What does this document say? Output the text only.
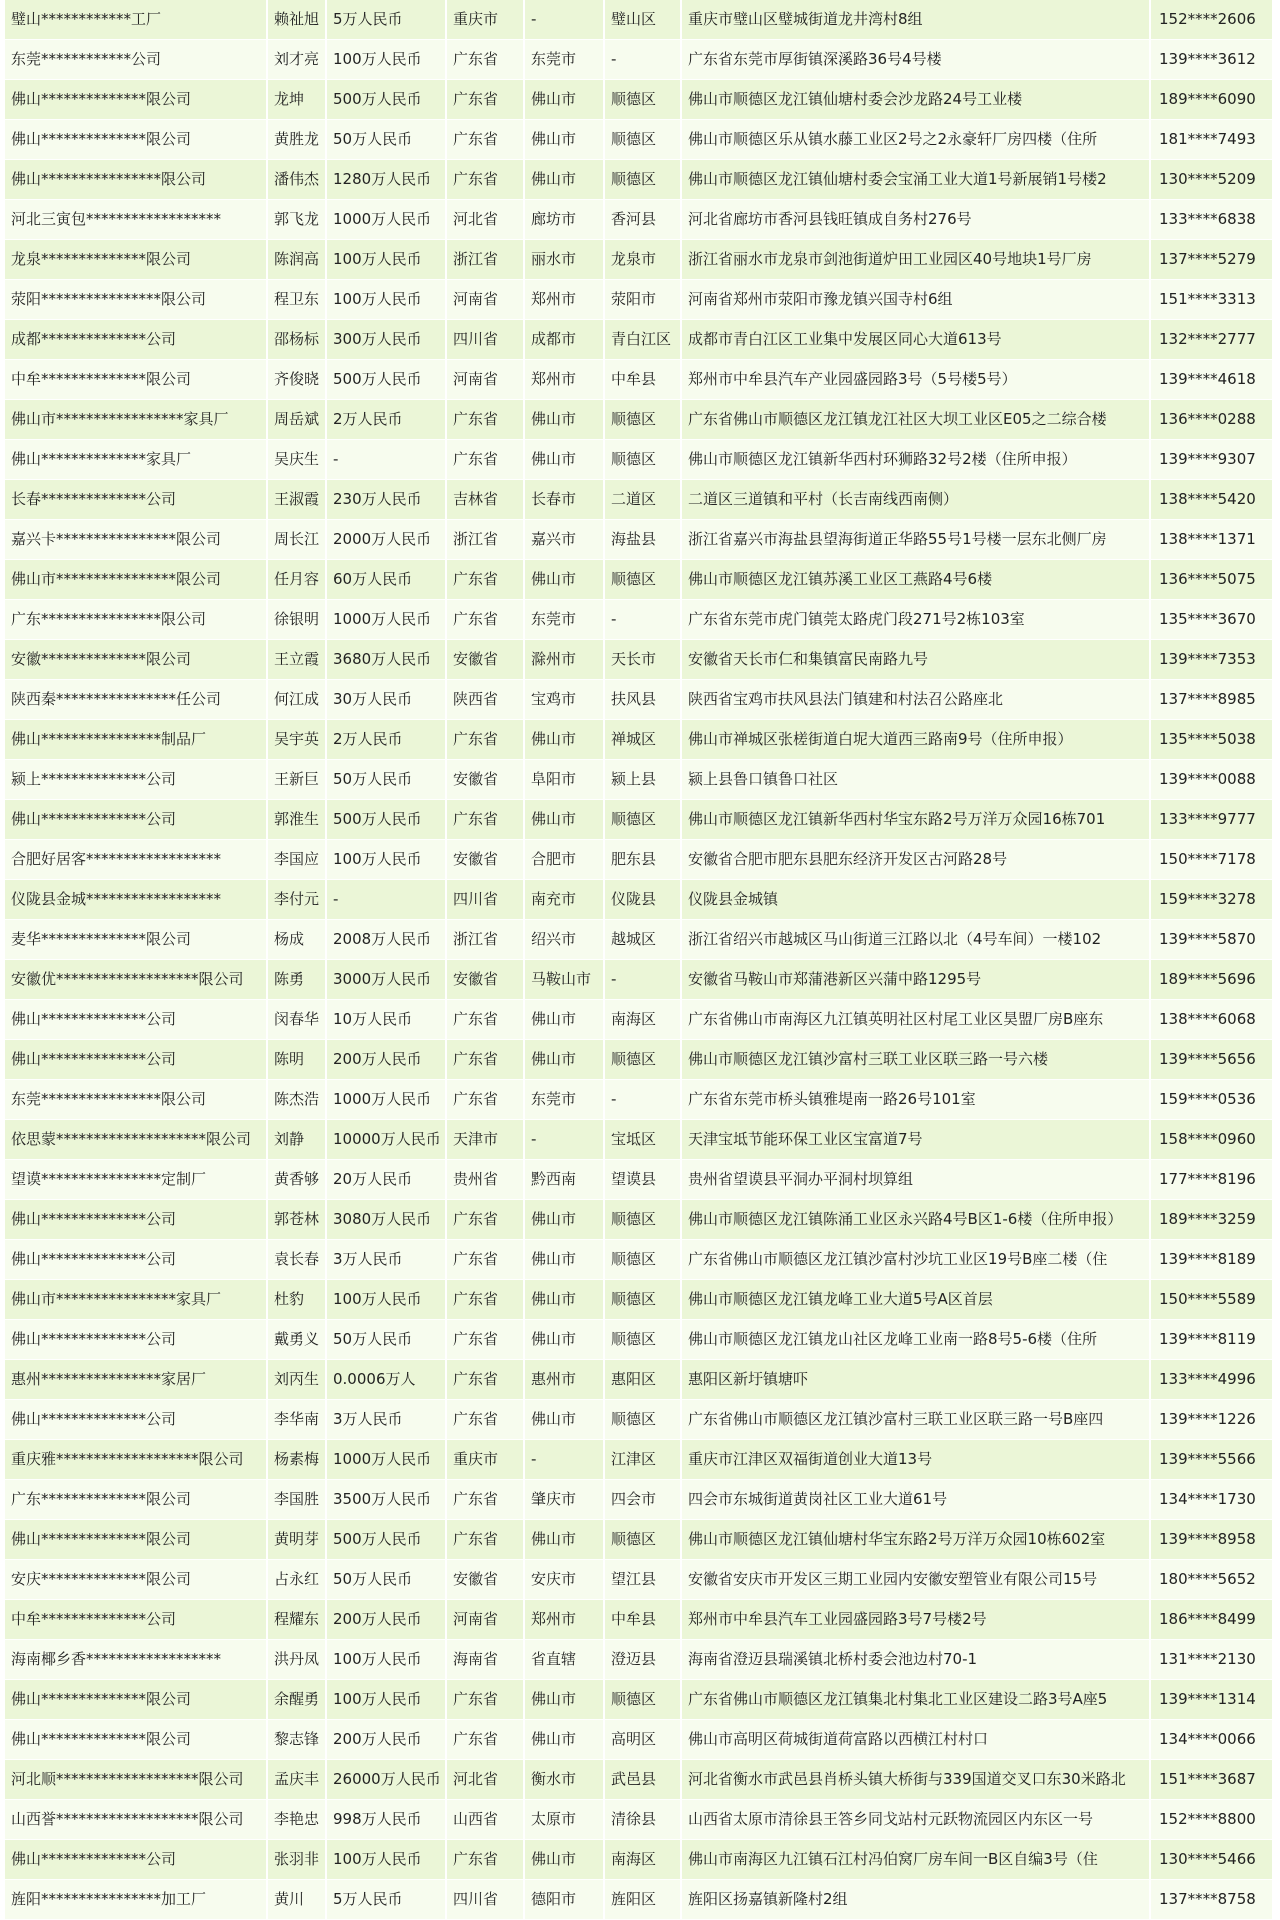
璧山************工厂	赖祉旭	5万人民币	重庆市	-	璧山区	重庆市璧山区璧城街道龙井湾村8组	152****2606
东莞************公司	刘才亮	100万人民币	广东省	东莞市	-	广东省东莞市厚街镇深溪路36号4号楼	139****3612
佛山**************限公司	龙坤	500万人民币	广东省	佛山市	顺德区	佛山市顺德区龙江镇仙塘村委会沙龙路24号工业楼	189****6090
佛山**************限公司	黄胜龙	50万人民币	广东省	佛山市	顺德区	佛山市顺德区乐从镇水藤工业区2号之2永豪轩厂房四楼（住所	181****7493
佛山****************限公司	潘伟杰	1280万人民币	广东省	佛山市	顺德区	佛山市顺德区龙江镇仙塘村委会宝涌工业大道1号新展销1号楼2	130****5209
河北三寅包******************	郭飞龙	1000万人民币	河北省	廊坊市	香河县	河北省廊坊市香河县钱旺镇成自务村276号	133****6838
龙泉**************限公司	陈润高	100万人民币	浙江省	丽水市	龙泉市	浙江省丽水市龙泉市剑池街道炉田工业园区40号地块1号厂房	137****5279
荥阳****************限公司	程卫东	100万人民币	河南省	郑州市	荥阳市	河南省郑州市荥阳市豫龙镇兴国寺村6组	151****3313
成都**************公司	邵杨标	300万人民币	四川省	成都市	青白江区	成都市青白江区工业集中发展区同心大道613号	132****2777
中牟**************限公司	齐俊晓	500万人民币	河南省	郑州市	中牟县	郑州市中牟县汽车产业园盛园路3号（5号楼5号）	139****4618
佛山市*****************家具厂	周岳斌	2万人民币	广东省	佛山市	顺德区	广东省佛山市顺德区龙江镇龙江社区大坝工业区E05之二综合楼	136****0288
佛山**************家具厂	吴庆生	-	广东省	佛山市	顺德区	佛山市顺德区龙江镇新华西村环狮路32号2楼（住所申报）	139****9307
长春**************公司	王淑霞	230万人民币	吉林省	长春市	二道区	二道区三道镇和平村（长吉南线西南侧）	138****5420
嘉兴卡****************限公司	周长江	2000万人民币	浙江省	嘉兴市	海盐县	浙江省嘉兴市海盐县望海街道正华路55号1号楼一层东北侧厂房	138****1371
佛山市****************限公司	任月容	60万人民币	广东省	佛山市	顺德区	佛山市顺德区龙江镇苏溪工业区工燕路4号6楼	136****5075
广东****************限公司	徐银明	1000万人民币	广东省	东莞市	-	广东省东莞市虎门镇莞太路虎门段271号2栋103室	135****3670
安徽**************限公司	王立霞	3680万人民币	安徽省	滁州市	天长市	安徽省天长市仁和集镇富民南路九号	139****7353
陕西秦****************任公司	何江成	30万人民币	陕西省	宝鸡市	扶风县	陕西省宝鸡市扶风县法门镇建和村法召公路座北	137****8985
佛山****************制品厂	吴宇英	2万人民币	广东省	佛山市	禅城区	佛山市禅城区张槎街道白坭大道西三路南9号（住所申报）	135****5038
颍上**************公司	王新巨	50万人民币	安徽省	阜阳市	颍上县	颍上县鲁口镇鲁口社区	139****0088
佛山**************公司	郭淮生	500万人民币	广东省	佛山市	顺德区	佛山市顺德区龙江镇新华西村华宝东路2号万洋万众园16栋701	133****9777
合肥好居客******************	李国应	100万人民币	安徽省	合肥市	肥东县	安徽省合肥市肥东县肥东经济开发区古河路28号	150****7178
仪陇县金城******************	李付元	-	四川省	南充市	仪陇县	仪陇县金城镇	159****3278
麦华**************限公司	杨成	2008万人民币	浙江省	绍兴市	越城区	浙江省绍兴市越城区马山街道三江路以北（4号车间）一楼102	139****5870
安徽优*******************限公司	陈勇	3000万人民币	安徽省	马鞍山市	-	安徽省马鞍山市郑蒲港新区兴蒲中路1295号	189****5696
佛山**************公司	闵春华	10万人民币	广东省	佛山市	南海区	广东省佛山市南海区九江镇英明社区村尾工业区昊盟厂房B座东	138****6068
佛山**************公司	陈明	200万人民币	广东省	佛山市	顺德区	佛山市顺德区龙江镇沙富村三联工业区联三路一号六楼	139****5656
东莞****************限公司	陈杰浩	1000万人民币	广东省	东莞市	-	广东省东莞市桥头镇雅堤南一路26号101室	159****0536
依思蒙********************限公司	刘静	10000万人民币	天津市	-	宝坻区	天津宝坻节能环保工业区宝富道7号	158****0960
望谟****************定制厂	黄香够	20万人民币	贵州省	黔西南	望谟县	贵州省望谟县平洞办平洞村坝算组	177****8196
佛山**************公司	郭苍林	3080万人民币	广东省	佛山市	顺德区	佛山市顺德区龙江镇陈涌工业区永兴路4号B区1-6楼（住所申报）	189****3259
佛山**************公司	袁长春	3万人民币	广东省	佛山市	顺德区	广东省佛山市顺德区龙江镇沙富村沙坑工业区19号B座二楼（住	139****8189
佛山市****************家具厂	杜豹	100万人民币	广东省	佛山市	顺德区	佛山市顺德区龙江镇龙峰工业大道5号A区首层	150****5589
佛山**************公司	戴勇义	50万人民币	广东省	佛山市	顺德区	佛山市顺德区龙江镇龙山社区龙峰工业南一路8号5-6楼（住所	139****8119
惠州****************家居厂	刘丙生	0.0006万人	广东省	惠州市	惠阳区	惠阳区新圩镇塘吓	133****4996
佛山**************公司	李华南	3万人民币	广东省	佛山市	顺德区	广东省佛山市顺德区龙江镇沙富村三联工业区联三路一号B座四	139****1226
重庆雅*******************限公司	杨素梅	1000万人民币	重庆市	-	江津区	重庆市江津区双福街道创业大道13号	139****5566
广东**************限公司	李国胜	3500万人民币	广东省	肇庆市	四会市	四会市东城街道黄岗社区工业大道61号	134****1730
佛山**************限公司	黄明芽	500万人民币	广东省	佛山市	顺德区	佛山市顺德区龙江镇仙塘村华宝东路2号万洋万众园10栋602室	139****8958
安庆**************限公司	占永红	50万人民币	安徽省	安庆市	望江县	安徽省安庆市开发区三期工业园内安徽安塑管业有限公司15号	180****5652
中牟**************公司	程耀东	200万人民币	河南省	郑州市	中牟县	郑州市中牟县汽车工业园盛园路3号7号楼2号	186****8499
海南椰乡香******************	洪丹凤	100万人民币	海南省	省直辖	澄迈县	海南省澄迈县瑞溪镇北桥村委会池边村70-1	131****2130
佛山**************限公司	余醒勇	100万人民币	广东省	佛山市	顺德区	广东省佛山市顺德区龙江镇集北村集北工业区建设二路3号A座5	139****1314
佛山**************限公司	黎志锋	200万人民币	广东省	佛山市	高明区	佛山市高明区荷城街道荷富路以西横江村村口	134****0066
河北顺*******************限公司	孟庆丰	26000万人民币	河北省	衡水市	武邑县	河北省衡水市武邑县肖桥头镇大桥街与339国道交叉口东30米路北	151****3687
山西誉*******************限公司	李艳忠	998万人民币	山西省	太原市	清徐县	山西省太原市清徐县王答乡同戈站村元跃物流园区内东区一号	152****8800
佛山**************公司	张羽非	100万人民币	广东省	佛山市	南海区	佛山市南海区九江镇石江村冯伯窝厂房车间一B区自编3号（住	130****5466
旌阳****************加工厂	黄川	5万人民币	四川省	德阳市	旌阳区	旌阳区扬嘉镇新隆村2组	137****8758
